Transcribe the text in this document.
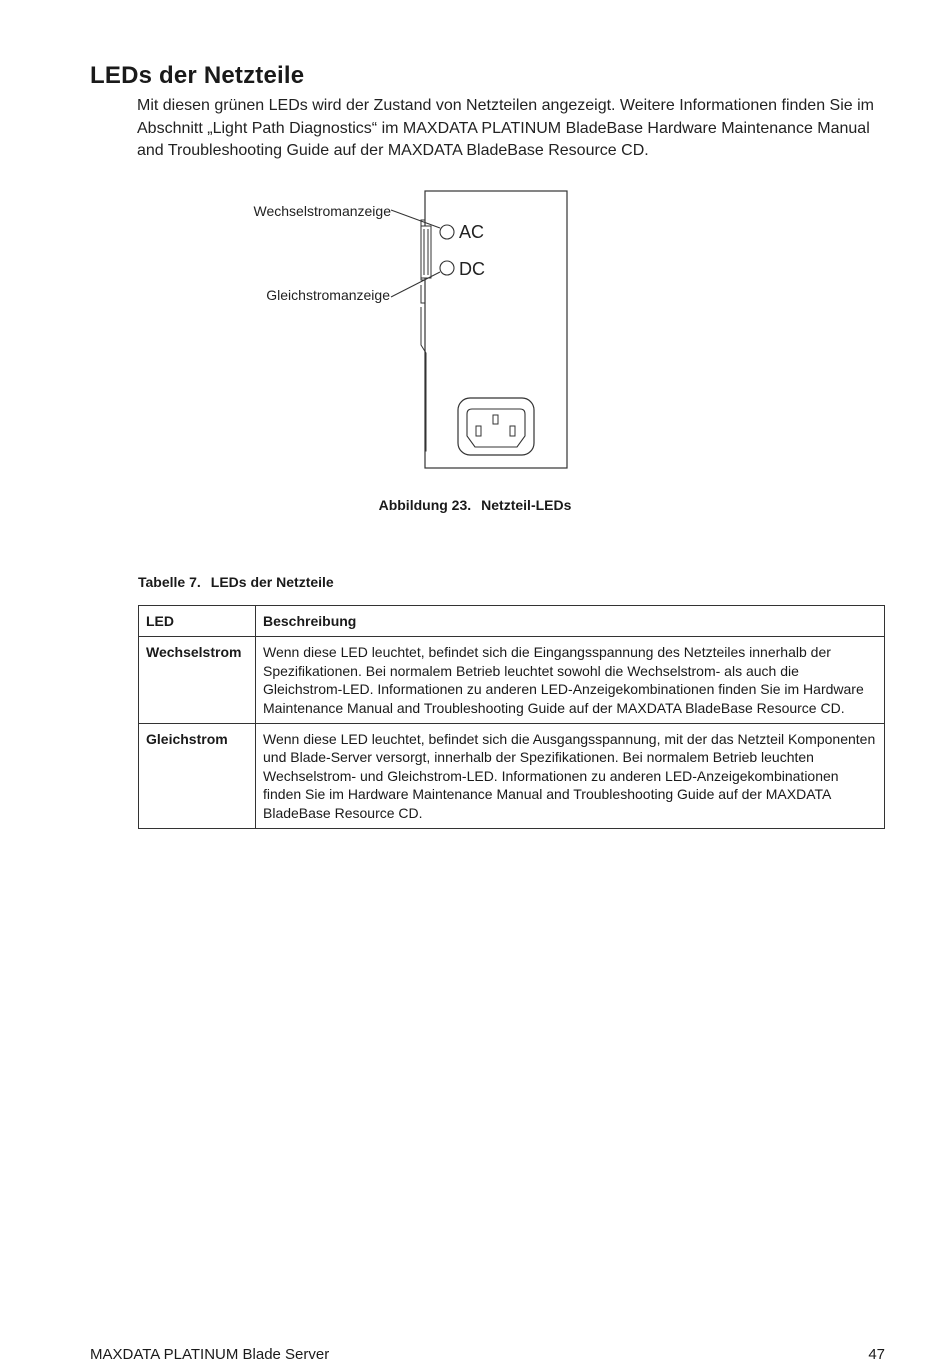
LEDs der Netzteile

Mit diesen grünen LEDs wird der Zustand von Netzteilen angezeigt. Weitere Informationen finden Sie im Abschnitt „Light Path Diagnostics“ im MAXDATA PLATINUM BladeBase Hardware Maintenance Manual and Troubleshooting Guide auf der MAXDATA BladeBase Resource CD.

AC
DC
Wechselstromanzeige
Gleichstromanzeige
Abbildung 23. Netzteil-LEDs
Tabelle 7. LEDs der Netzteile
LED	Beschreibung
Wechselstrom	Wenn diese LED leuchtet, befindet sich die Eingangsspannung des Netzteiles innerhalb der Spezifikationen. Bei normalem Betrieb leuchtet sowohl die Wechselstrom- als auch die Gleichstrom-LED. Informationen zu anderen LED-Anzeigekombinationen finden Sie im Hardware Maintenance Manual and Troubleshooting Guide auf der MAXDATA BladeBase Resource CD.
Gleichstrom	Wenn diese LED leuchtet, befindet sich die Ausgangsspannung, mit der das Netzteil Komponenten und Blade-Server versorgt, innerhalb der Spezifikationen. Bei normalem Betrieb leuchten Wechselstrom- und Gleichstrom-LED. Informationen zu anderen LED-Anzeigekombinationen finden Sie im Hardware Maintenance Manual and Troubleshooting Guide auf der MAXDATA BladeBase Resource CD.
MAXDATA PLATINUM Blade Server	47
